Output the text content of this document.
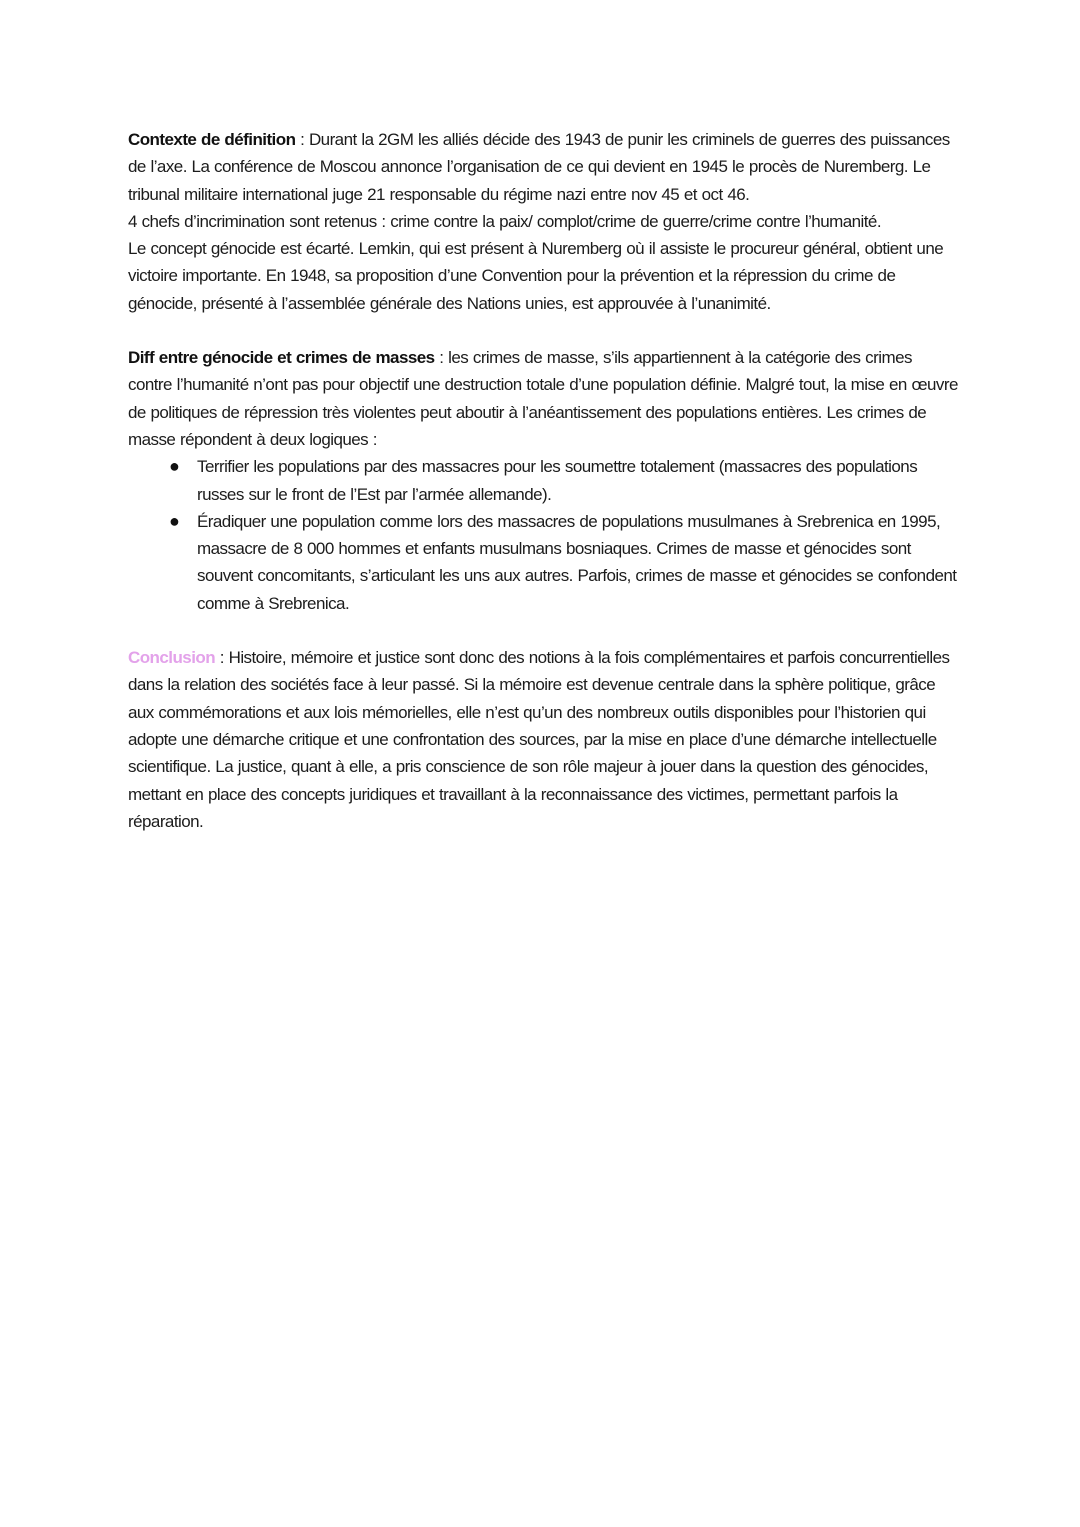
Contexte de définition : Durant la 2GM les alliés décide des 1943 de punir les criminels de guerres des puissances de l’axe. La conférence de Moscou annonce l’organisation de ce qui devient en 1945 le procès de Nuremberg. Le tribunal militaire international juge 21 responsable du régime nazi entre nov 45 et oct 46.

4 chefs d’incrimination sont retenus : crime contre la paix/ complot/crime de guerre/crime contre l’humanité.

Le concept génocide est écarté. Lemkin, qui est présent à Nuremberg où il assiste le procureur général, obtient une victoire importante. En 1948, sa proposition d’une Convention pour la prévention et la répression du crime de génocide, présenté à l’assemblée générale des Nations unies, est approuvée à l’unanimité.

Diff entre génocide et crimes de masses : les crimes de masse, s’ils appartiennent à la catégorie des crimes contre l’humanité n’ont pas pour objectif une destruction totale d’une population définie. Malgré tout, la mise en œuvre de politiques de répression très violentes peut aboutir à l’anéantissement des populations entières. Les crimes de masse répondent à deux logiques :

● Terrifier les populations par des massacres pour les soumettre totalement (massacres des populations russes sur le front de l’Est par l’armée allemande).
● Éradiquer une population comme lors des massacres de populations musulmanes à Srebrenica en 1995, massacre de 8 000 hommes et enfants musulmans bosniaques. Crimes de masse et génocides sont souvent concomitants, s’articulant les uns aux autres. Parfois, crimes de masse et génocides se confondent comme à Srebrenica.

Conclusion : Histoire, mémoire et justice sont donc des notions à la fois complémentaires et parfois concurrentielles dans la relation des sociétés face à leur passé. Si la mémoire est devenue centrale dans la sphère politique, grâce aux commémorations et aux lois mémorielles, elle n’est qu’un des nombreux outils disponibles pour l’historien qui adopte une démarche critique et une confrontation des sources, par la mise en place d’une démarche intellectuelle scientifique. La justice, quant à elle, a pris conscience de son rôle majeur à jouer dans la question des génocides, mettant en place des concepts juridiques et travaillant à la reconnaissance des victimes, permettant parfois la réparation.
